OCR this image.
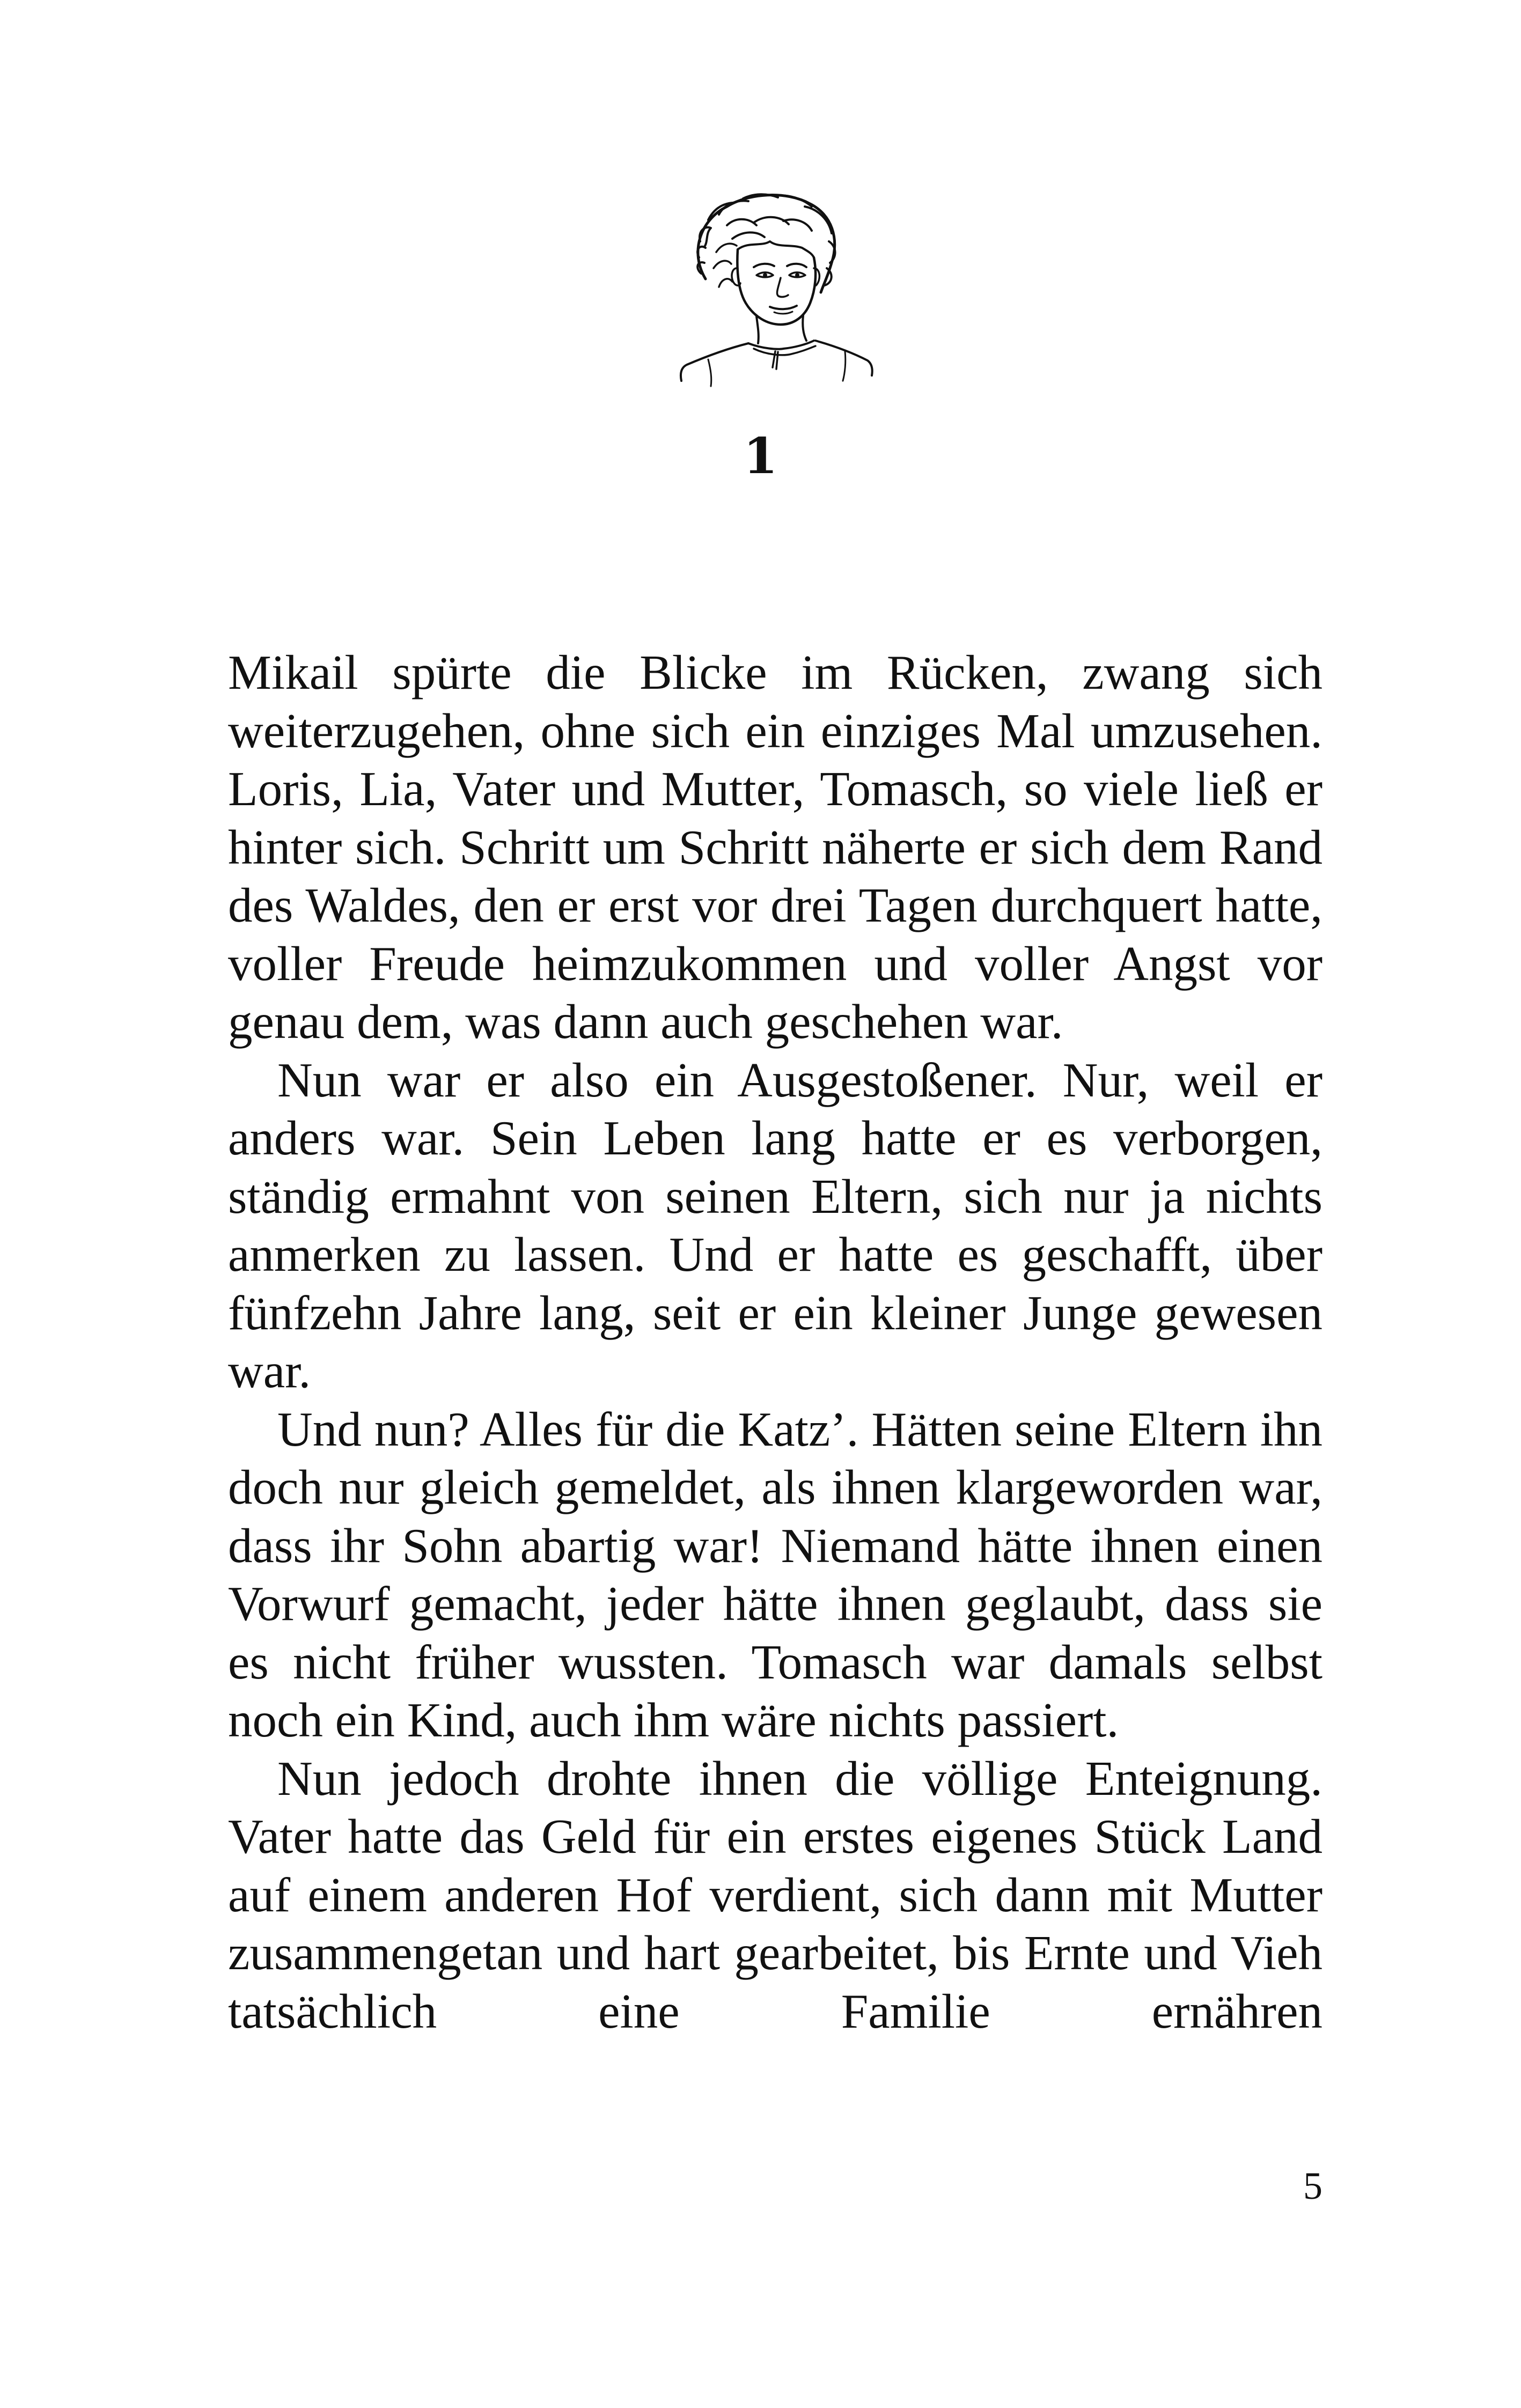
1

Mikail spürte die Blicke im Rücken, zwang sich weiterzugehen, ohne sich ein einziges Mal umzusehen. Loris, Lia, Vater und Mutter, Tomasch, so viele ließ er hinter sich. Schritt um Schritt näherte er sich dem Rand des Waldes, den er erst vor drei Tagen durchquert hatte, voller Freude heimzukommen und voller Angst vor genau dem, was dann auch geschehen war.

Nun war er also ein Ausgestoßener. Nur, weil er anders war. Sein Leben lang hatte er es verborgen, ständig ermahnt von seinen Eltern, sich nur ja nichts anmerken zu lassen. Und er hatte es geschafft, über fünfzehn Jahre lang, seit er ein kleiner Junge gewesen war.

Und nun? Alles für die Katz’. Hätten seine Eltern ihn doch nur gleich gemeldet, als ihnen klargeworden war, dass ihr Sohn abartig war! Niemand hätte ihnen einen Vorwurf gemacht, jeder hätte ihnen geglaubt, dass sie es nicht früher wussten. Tomasch war damals selbst noch ein Kind, auch ihm wäre nichts passiert.

Nun jedoch drohte ihnen die völlige Enteignung. Vater hatte das Geld für ein erstes eigenes Stück Land auf einem anderen Hof verdient, sich dann mit Mutter zusammengetan und hart gearbeitet, bis Ernte und Vieh tatsächlich eine Familie ernähren

5
